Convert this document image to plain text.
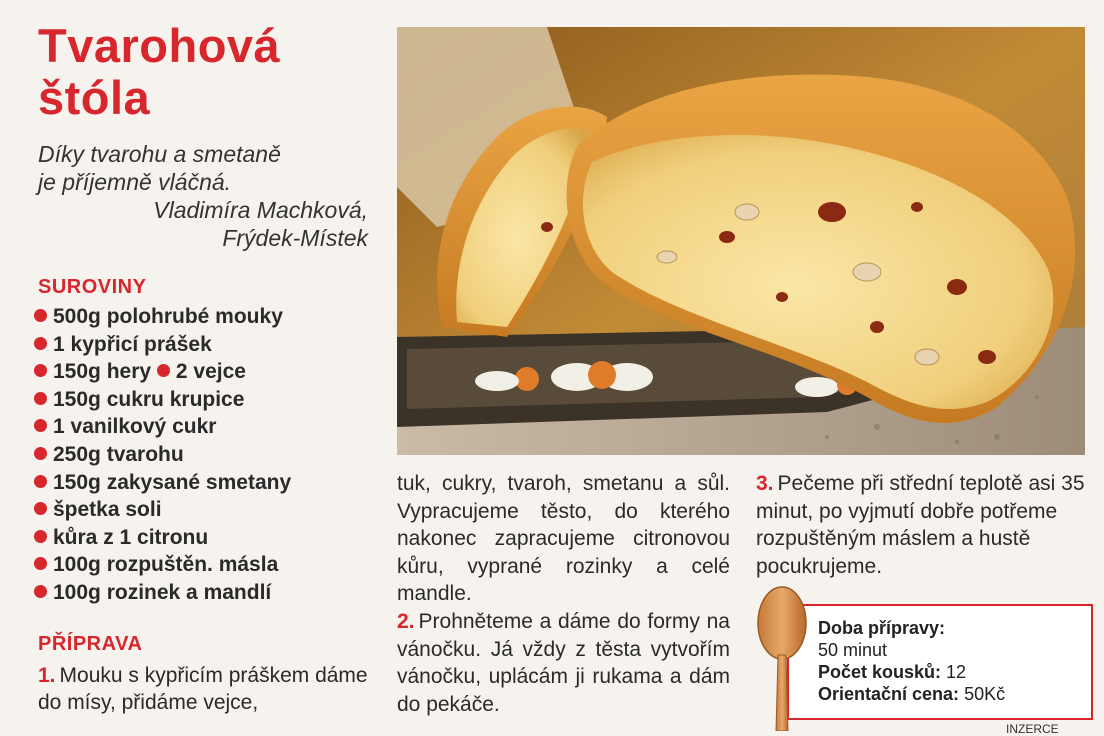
Tvarohová
štóla
Díky tvarohu a smetaně
je příjemně vláčná.
Vladimíra Machková,
Frýdek-Místek
SUROVINY
500g polohrubé mouky
1 kypřicí prášek
150g hery 2 vejce
150g cukru krupice
1 vanilkový cukr
250g tvarohu
150g zakysané smetany
špetka soli
kůra z 1 citronu
100g rozpuštěn. másla
100g rozinek a mandlí
PŘÍPRAVA
1. Mouku s kypřicím práškem dáme do mísy, přidáme vejce,

tuk, cukry, tvaroh, smetanu a sůl. Vypracujeme těsto, do kterého nakonec zapracujeme citronovou kůru, vyprané rozinky a celé mandle.

2. Prohněteme a dáme do formy na vánočku. Já vždy z těsta vytvořím vánočku, uplácám ji rukama a dám do pekáče.

3. Pečeme při střední teplotě asi 35 minut, po vyjmutí dobře potřeme rozpuštěným máslem a hustě pocukrujeme.

Doba přípravy:
50 minut
Počet kousků: 12
Orientační cena: 50Kč
INZERCE
